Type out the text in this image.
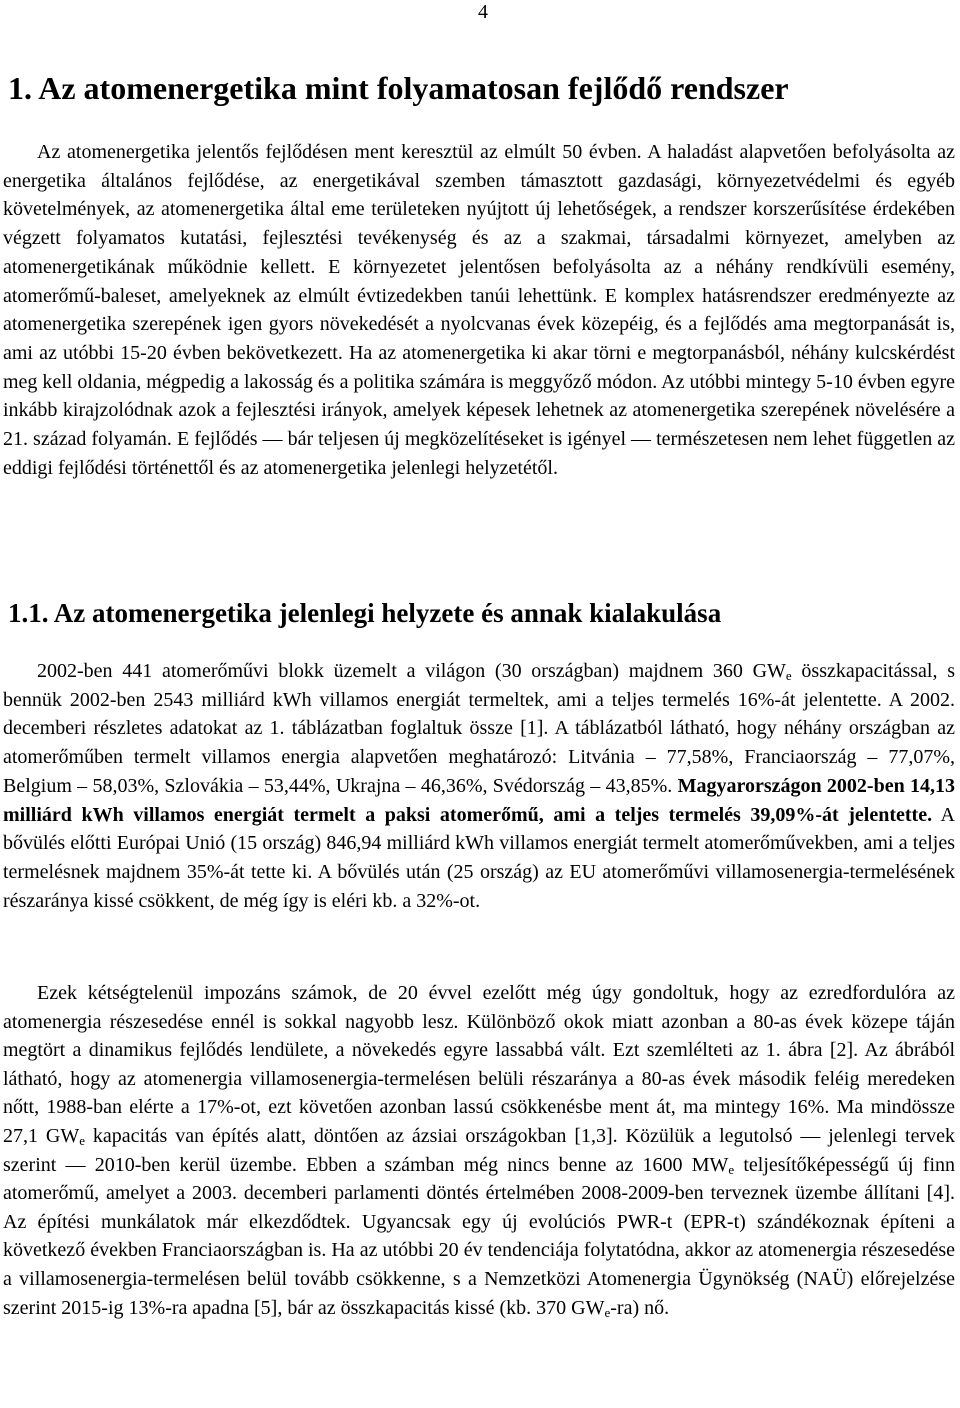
4
1. Az atomenergetika mint folyamatosan fejlődő rendszer

Az atomenergetika jelentős fejlődésen ment keresztül az elmúlt 50 évben. A haladást alapvetően befolyásolta az energetika általános fejlődése, az energetikával szemben támasztott gazdasági, környezetvédelmi és egyéb követelmények, az atomenergetika által eme területeken nyújtott új lehetőségek, a rendszer korszerűsítése érdekében végzett folyamatos kutatási, fejlesztési tevékenység és az a szakmai, társadalmi környezet, amelyben az atomenergetikának működnie kellett. E környezetet jelentősen befolyásolta az a néhány rendkívüli esemény, atomerőmű-baleset, amelyeknek az elmúlt évtizedekben tanúi lehettünk. E komplex hatásrendszer eredményezte az atomenergetika szerepének igen gyors növekedését a nyolcvanas évek közepéig, és a fejlődés ama megtorpanását is, ami az utóbbi 15-20 évben bekövetkezett. Ha az atomenergetika ki akar törni e megtorpanásból, néhány kulcskérdést meg kell oldania, mégpedig a lakosság és a politika számára is meggyőző módon. Az utóbbi mintegy 5-10 évben egyre inkább kirajzolódnak azok a fejlesztési irányok, amelyek képesek lehetnek az atomenergetika szerepének növelésére a 21. század folyamán. E fejlődés — bár teljesen új megközelítéseket is igényel — természetesen nem lehet független az eddigi fejlődési történettől és az atomenergetika jelenlegi helyzetétől.

1.1. Az atomenergetika jelenlegi helyzete és annak kialakulása

2002-ben 441 atomerőművi blokk üzemelt a világon (30 országban) majdnem 360 $GW_e$ összkapacitással, s bennük 2002-ben 2543 milliárd kWh villamos energiát termeltek, ami a teljes termelés 16%-át jelentette. A 2002. decemberi részletes adatokat az 1. táblázatban foglaltuk össze [1]. A táblázatból látható, hogy néhány országban az atomerőműben termelt villamos energia alapvetően meghatározó: Litvánia – 77,58%, Franciaország – 77,07%, Belgium – 58,03%, Szlovákia – 53,44%, Ukrajna – 46,36%, Svédország – 43,85%. Magyarországon 2002-ben 14,13 milliárd kWh villamos energiát termelt a paksi atomerőmű, ami a teljes termelés 39,09%-át jelentette. A bővülés előtti Európai Unió (15 ország) 846,94 milliárd kWh villamos energiát termelt atomerőművekben, ami a teljes termelésnek majdnem 35%-át tette ki. A bővülés után (25 ország) az EU atomerőművi villamosenergia-termelésének részaránya kissé csökkent, de még így is eléri kb. a 32%-ot.

Ezek kétségtelenül impozáns számok, de 20 évvel ezelőtt még úgy gondoltuk, hogy az ezredfordulóra az atomenergia részesedése ennél is sokkal nagyobb lesz. Különböző okok miatt azonban a 80-as évek közepe táján megtört a dinamikus fejlődés lendülete, a növekedés egyre lassabbá vált. Ezt szemlélteti az 1. ábra [2]. Az ábrából látható, hogy az atomenergia villamosenergia-termelésen belüli részaránya a 80-as évek második feléig meredeken nőtt, 1988-ban elérte a 17%-ot, ezt követően azonban lassú csökkenésbe ment át, ma mintegy 16%. Ma mindössze 27,1 $GW_e$ kapacitás van építés alatt, döntően az ázsiai országokban [1,3]. Közülük a legutolsó — jelenlegi tervek szerint — 2010-ben kerül üzembe. Ebben a számban még nincs benne az 1600 $MW_e$ teljesítőképességű új finn atomerőmű, amelyet a 2003. decemberi parlamenti döntés értelmében 2008-2009-ben terveznek üzembe állítani [4]. Az építési munkálatok már elkezdődtek. Ugyancsak egy új evolúciós PWR-t (EPR-t) szándékoznak építeni a következő években Franciaországban is. Ha az utóbbi 20 év tendenciája folytatódna, akkor az atomenergia részesedése a villamosenergia-termelésen belül tovább csökkenne, s a Nemzetközi Atomenergia Ügynökség (NAÜ) előrejelzése szerint 2015-ig 13%-ra apadna [5], bár az összkapacitás kissé (kb. 370 $GW_e-ra$) nő.
